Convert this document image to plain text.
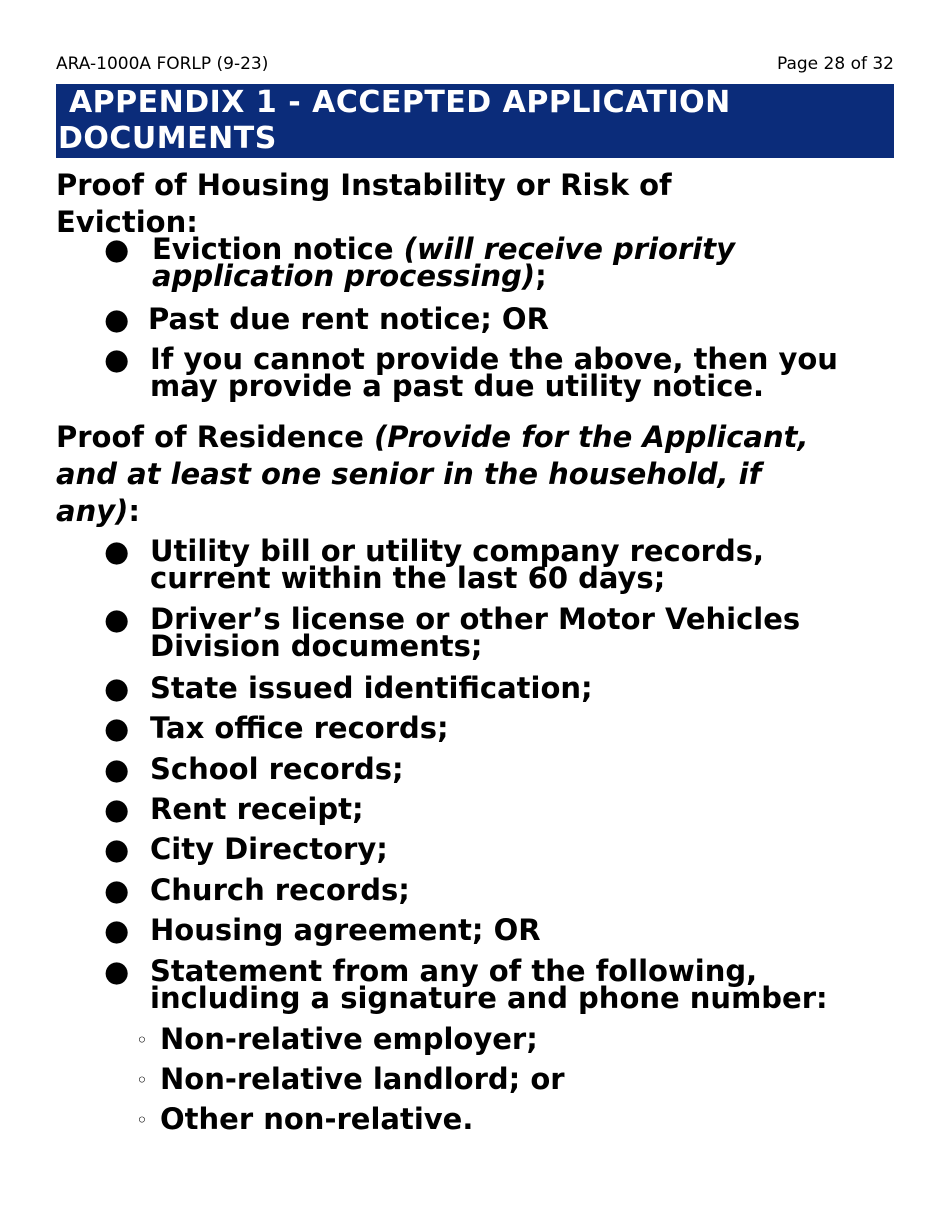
ARA-1000A FORLP (9-23)	Page 28 of 32
APPENDIX 1 - ACCEPTED APPLICATION
DOCUMENTS
Proof of Housing Instability or Risk of
Eviction:
● Eviction notice (will receive priority
application processing);
● Past due rent notice; OR
● If you cannot provide the above, then you
may provide a past due utility notice.
Proof of Residence (Provide for the Applicant,
and at least one senior in the household, if
any):
● Utility bill or utility company records,
current within the last 60 days;
● Driver’s license or other Motor Vehicles
Division documents;
● State issued identification;
● Tax office records;
● School records;
● Rent receipt;
● City Directory;
● Church records;
● Housing agreement; OR
● Statement from any of the following,
including a signature and phone number:
◦ Non-relative employer;
◦ Non-relative landlord; or
◦ Other non-relative.
